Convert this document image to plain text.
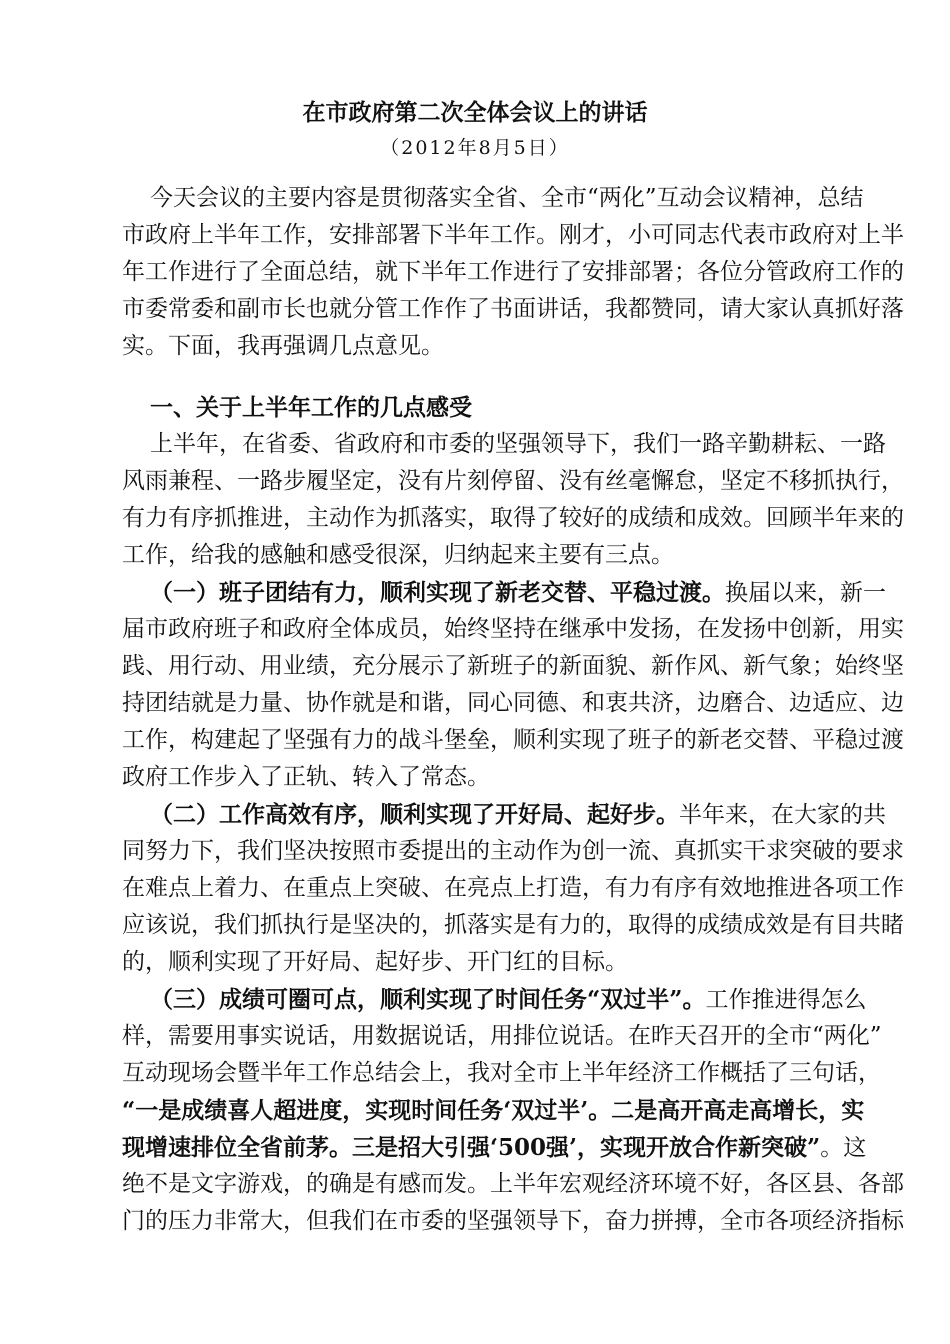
在市政府第二次全体会议上的讲话
（2012年8月5日）
今天会议的主要内容是贯彻落实全省、全市“两化”互动会议精神，总结
市政府上半年工作，安排部署下半年工作。刚才，小可同志代表市政府对上半
年工作进行了全面总结，就下半年工作进行了安排部署；各位分管政府工作的
市委常委和副市长也就分管工作作了书面讲话，我都赞同，请大家认真抓好落
实。下面，我再强调几点意见。
一、关于上半年工作的几点感受
上半年，在省委、省政府和市委的坚强领导下，我们一路辛勤耕耘、一路
风雨兼程、一路步履坚定，没有片刻停留、没有丝毫懈怠，坚定不移抓执行，
有力有序抓推进，主动作为抓落实，取得了较好的成绩和成效。回顾半年来的
工作，给我的感触和感受很深，归纳起来主要有三点。
（一）班子团结有力，顺利实现了新老交替、平稳过渡。换届以来，新一
届市政府班子和政府全体成员，始终坚持在继承中发扬，在发扬中创新，用实
践、用行动、用业绩，充分展示了新班子的新面貌、新作风、新气象；始终坚
持团结就是力量、协作就是和谐，同心同德、和衷共济，边磨合、边适应、边
工作，构建起了坚强有力的战斗堡垒，顺利实现了班子的新老交替、平稳过渡
政府工作步入了正轨、转入了常态。
（二）工作高效有序，顺利实现了开好局、起好步。半年来，在大家的共
同努力下，我们坚决按照市委提出的主动作为创一流、真抓实干求突破的要求
在难点上着力、在重点上突破、在亮点上打造，有力有序有效地推进各项工作
应该说，我们抓执行是坚决的，抓落实是有力的，取得的成绩成效是有目共睹
的，顺利实现了开好局、起好步、开门红的目标。
（三）成绩可圈可点，顺利实现了时间任务“双过半”。工作推进得怎么
样，需要用事实说话，用数据说话，用排位说话。在昨天召开的全市“两化”
互动现场会暨半年工作总结会上，我对全市上半年经济工作概括了三句话，
“一是成绩喜人超进度，实现时间任务‘双过半’。二是高开高走高增长，实
现增速排位全省前茅。三是招大引强‘500强’，实现开放合作新突破”。这
绝不是文字游戏，的确是有感而发。上半年宏观经济环境不好，各区县、各部
门的压力非常大，但我们在市委的坚强领导下，奋力拼搏，全市各项经济指标
